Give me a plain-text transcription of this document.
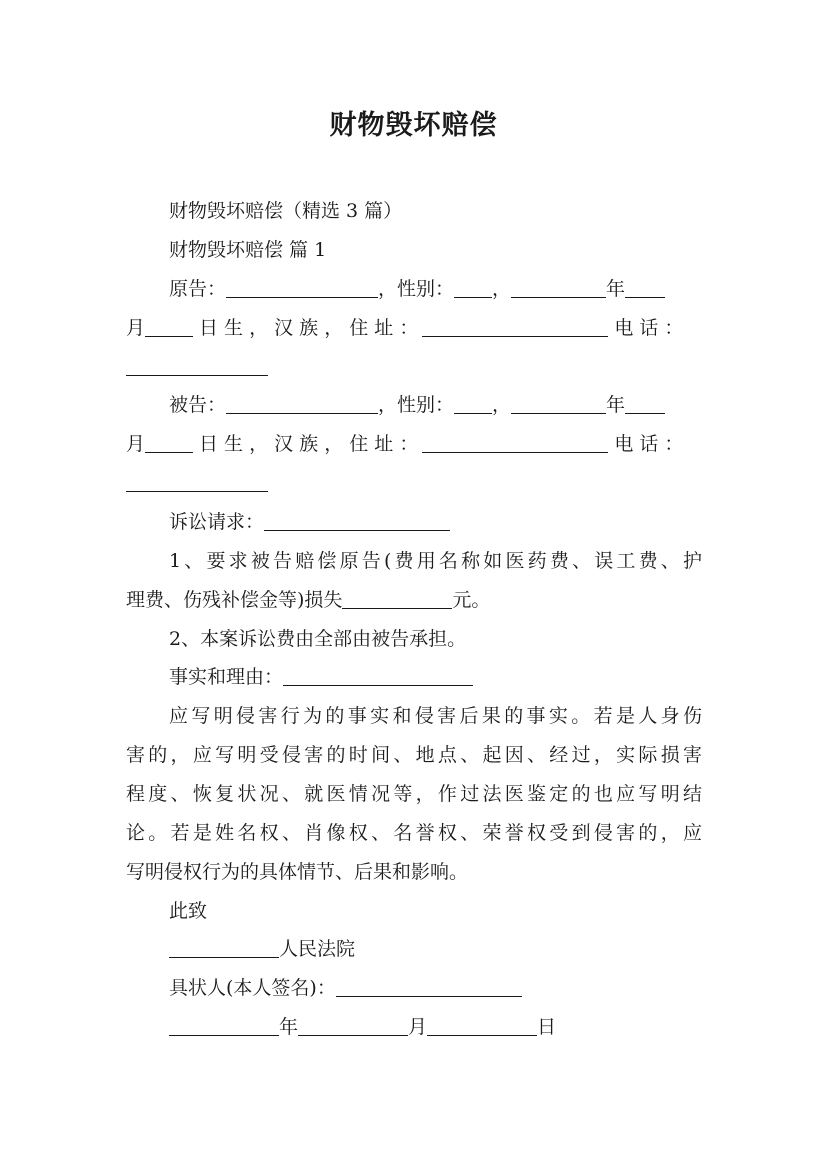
财物毁坏赔偿
财物毁坏赔偿（精选 3 篇）
财物毁坏赔偿 篇 1
原告：	，性别： ，	年
月	日 生 ， 汉 族 ， 住 址 ：	电 话 ：
被告：	，性别： ，	年
月	日 生 ， 汉 族 ， 住 址 ：	电 话 ：
诉讼请求：
1、要求被告赔偿原告(费用名称如医药费、误工费、护
理费、伤残补偿金等)损失	元。
2、本案诉讼费由全部由被告承担。
事实和理由：
应写明侵害行为的事实和侵害后果的事实。若是人身伤
害的，应写明受侵害的时间、地点、起因、经过，实际损害
程度、恢复状况、就医情况等，作过法医鉴定的也应写明结
论。若是姓名权、肖像权、名誉权、荣誉权受到侵害的，应
写明侵权行为的具体情节、后果和影响。
此致
人民法院
具状人(本人签名)：
年	月	日
